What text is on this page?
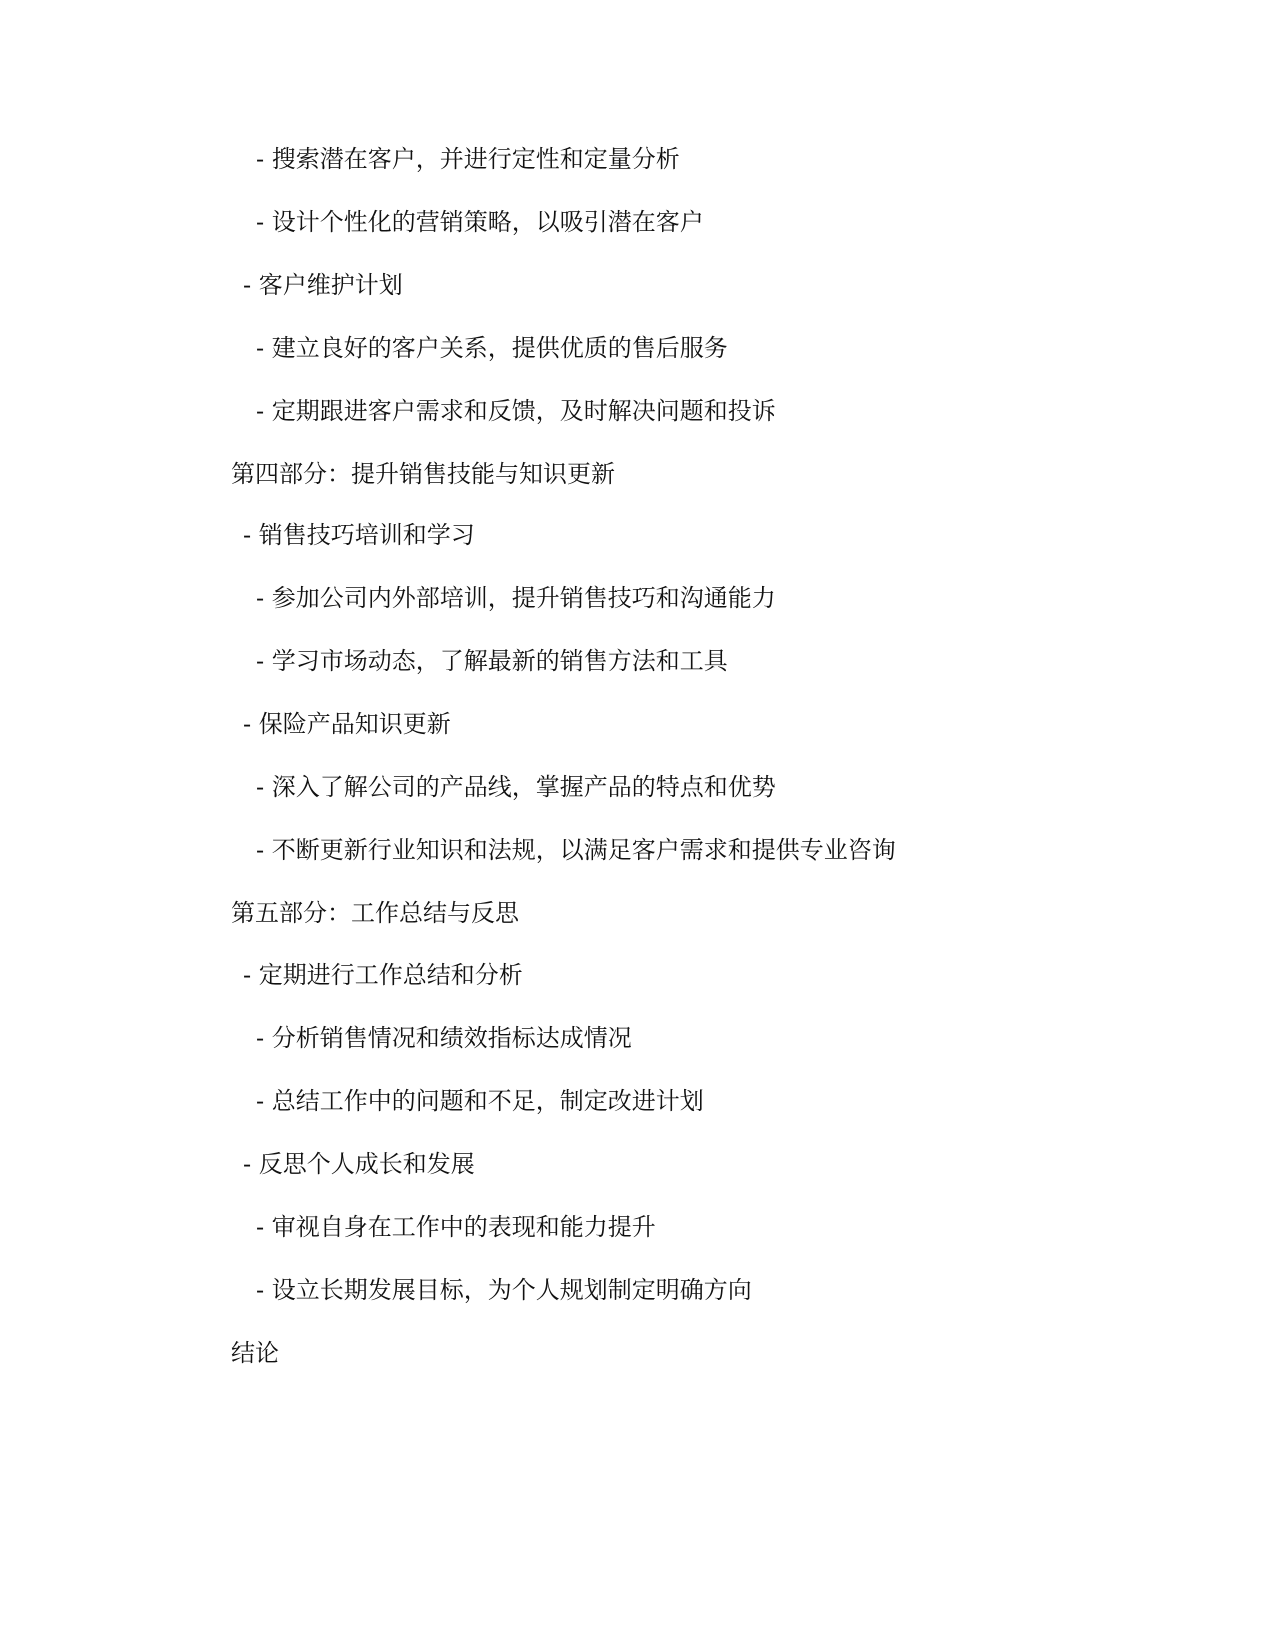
- 搜索潜在客户，并进行定性和定量分析
- 设计个性化的营销策略，以吸引潜在客户
- 客户维护计划
- 建立良好的客户关系，提供优质的售后服务
- 定期跟进客户需求和反馈，及时解决问题和投诉
第四部分：提升销售技能与知识更新
- 销售技巧培训和学习
- 参加公司内外部培训，提升销售技巧和沟通能力
- 学习市场动态，了解最新的销售方法和工具
- 保险产品知识更新
- 深入了解公司的产品线，掌握产品的特点和优势
- 不断更新行业知识和法规，以满足客户需求和提供专业咨询
第五部分：工作总结与反思
- 定期进行工作总结和分析
- 分析销售情况和绩效指标达成情况
- 总结工作中的问题和不足，制定改进计划
- 反思个人成长和发展
- 审视自身在工作中的表现和能力提升
- 设立长期发展目标，为个人规划制定明确方向
结论
